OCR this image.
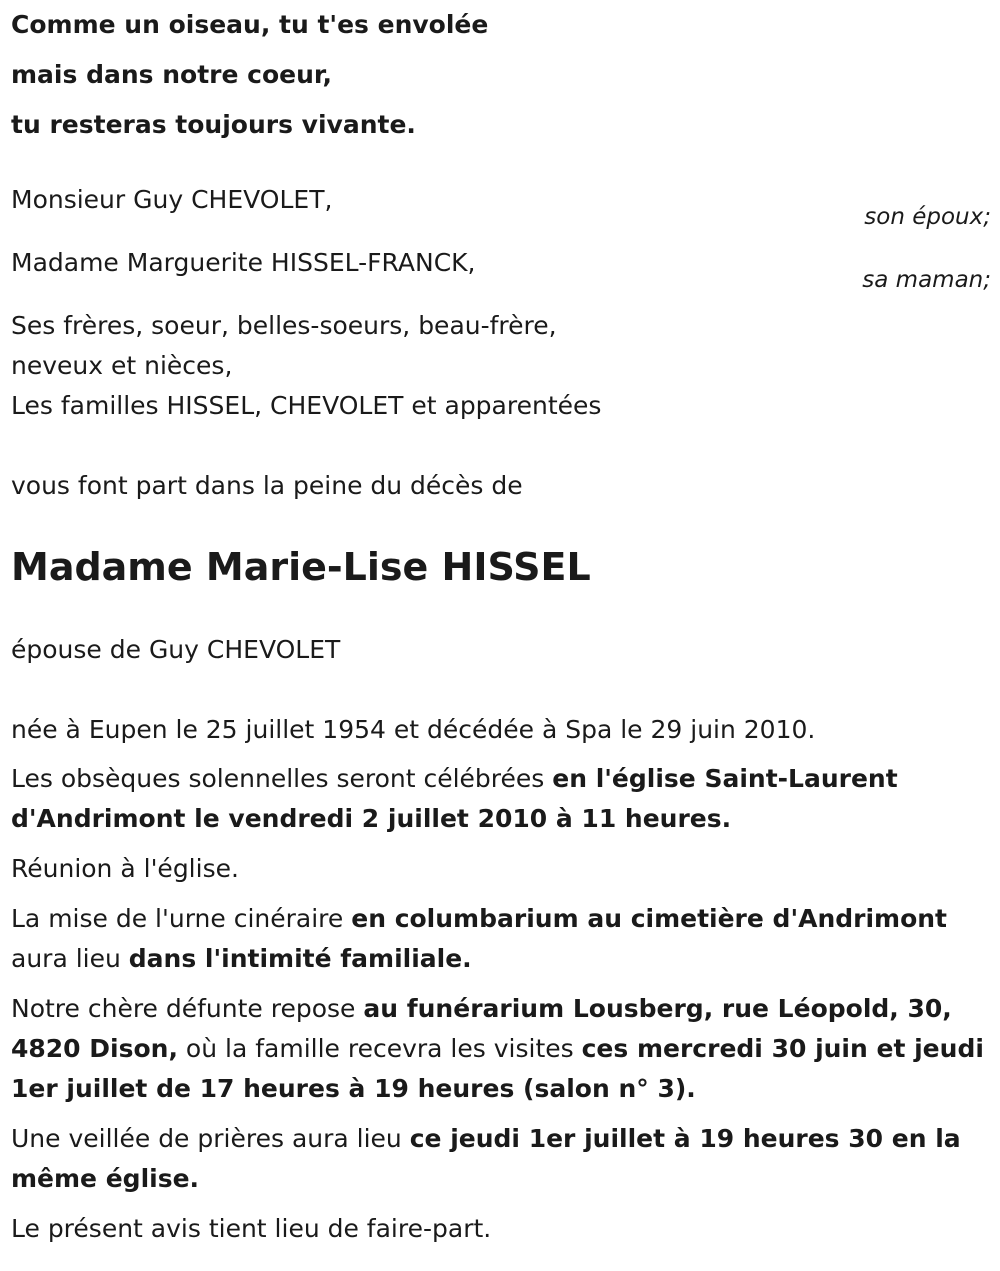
Comme un oiseau, tu t'es envolée
mais dans notre coeur,
tu resteras toujours vivante.
Monsieur Guy CHEVOLET,
son époux;
Madame Marguerite HISSEL-FRANCK,
sa maman;
Ses frères, soeur, belles-soeurs, beau-frère,
neveux et nièces,
Les familles HISSEL, CHEVOLET et apparentées
vous font part dans la peine du décès de
Madame Marie-Lise HISSEL
épouse de Guy CHEVOLET
née à Eupen le 25 juillet 1954 et décédée à Spa le 29 juin 2010.
Les obsèques solennelles seront célébrées en l'église Saint-Laurent d'Andrimont le vendredi 2 juillet 2010 à 11 heures.
Réunion à l'église.
La mise de l'urne cinéraire en columbarium au cimetière d'Andrimont aura lieu dans l'intimité familiale.
Notre chère défunte repose au funérarium Lousberg, rue Léopold, 30, 4820 Dison, où la famille recevra les visites ces mercredi 30 juin et jeudi 1er juillet de 17 heures à 19 heures (salon n° 3).
Une veillée de prières aura lieu ce jeudi 1er juillet à 19 heures 30 en la même église.
Le présent avis tient lieu de faire-part.
